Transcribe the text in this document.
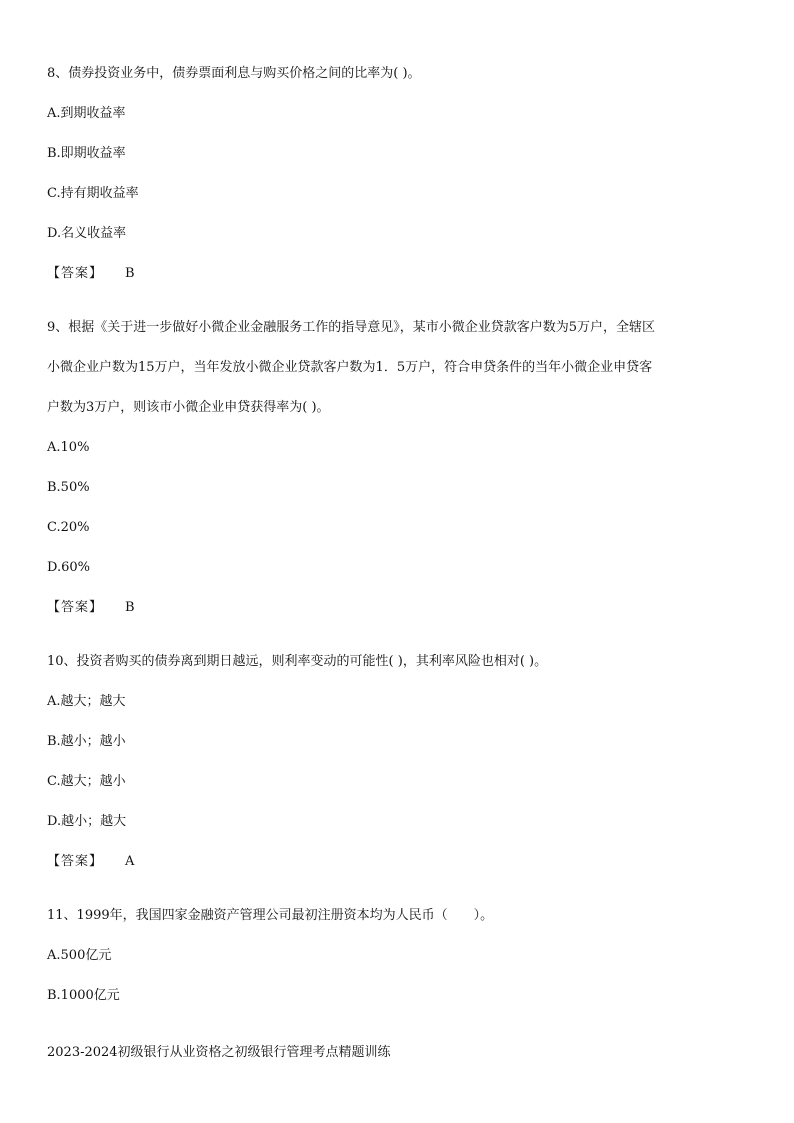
8、债券投资业务中，债券票面利息与购买价格之间的比率为( )。
A.到期收益率
B.即期收益率
C.持有期收益率
D.名义收益率
【答案】 B
9、根据《关于进一步做好小微企业金融服务工作的指导意见》，某市小微企业贷款客户数为5万户，全辖区
小微企业户数为15万户，当年发放小微企业贷款客户数为1．5万户，符合申贷条件的当年小微企业申贷客
户数为3万户，则该市小微企业申贷获得率为( )。
A.10%
B.50%
C.20%
D.60%
【答案】 B
10、投资者购买的债券离到期日越远，则利率变动的可能性( )，其利率风险也相对( )。
A.越大；越大
B.越小；越小
C.越大；越小
D.越小；越大
【答案】 A
11、1999年，我国四家金融资产管理公司最初注册资本均为人民币（　　）。
A.500亿元
B.1000亿元
2023-2024初级银行从业资格之初级银行管理考点精题训练
